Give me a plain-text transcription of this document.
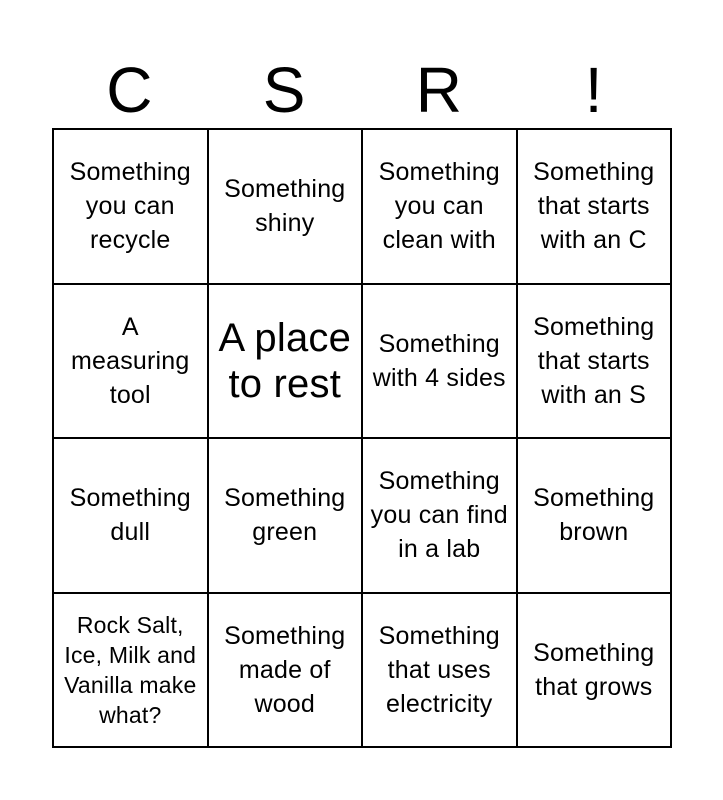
C	S	R	!
Something you can recycle
Something shiny
Something you can clean with
Something that starts with an C
A measuring tool
A place to rest
Something with 4 sides
Something that starts with an S
Something dull
Something green
Something you can find in a lab
Something brown
Rock Salt, Ice, Milk and Vanilla make what?
Something made of wood
Something that uses electricity
Something that grows
